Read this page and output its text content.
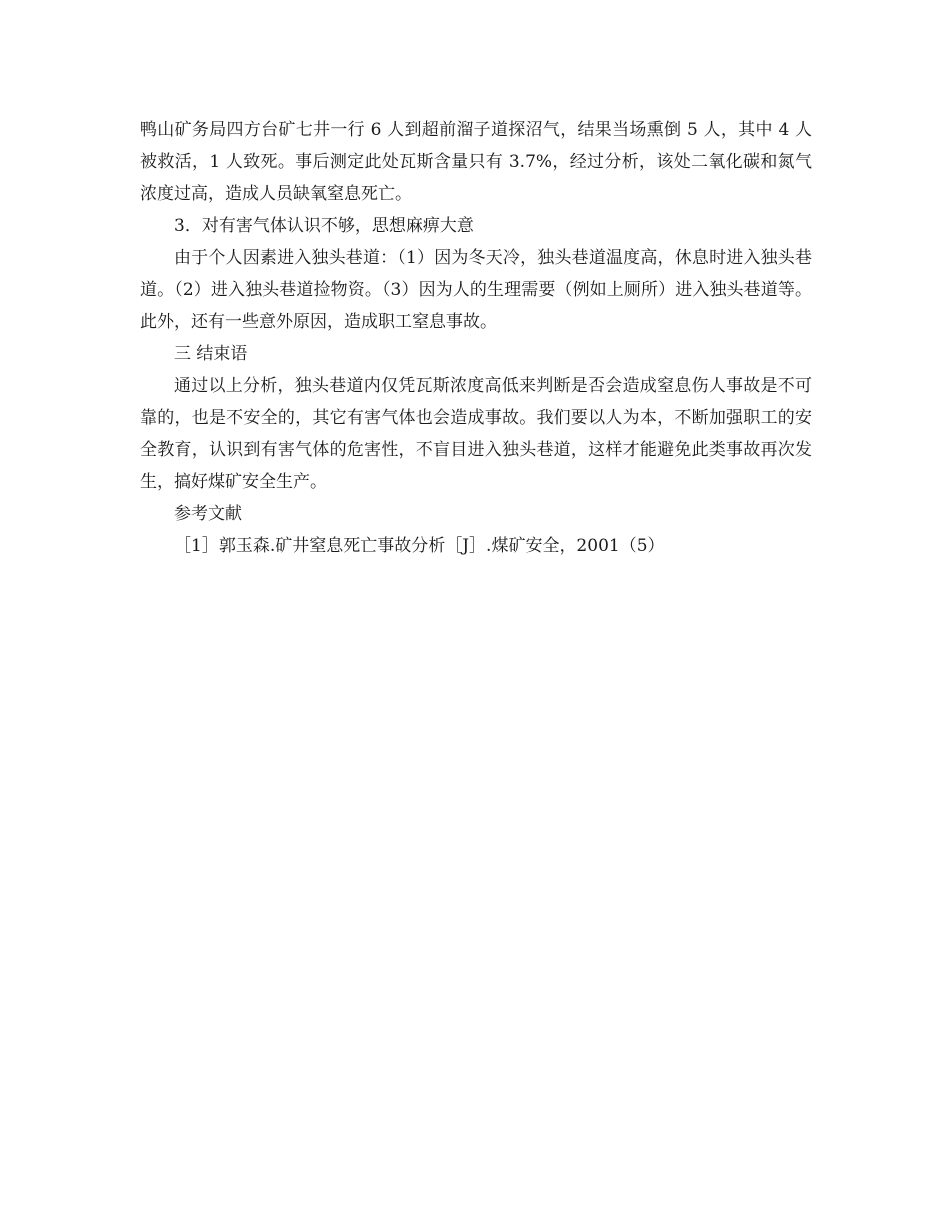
鸭山矿务局四方台矿七井一行 6 人到超前溜子道探沼气，结果当场熏倒 5 人，其中 4 人被救活，1 人致死。事后测定此处瓦斯含量只有 3.7%，经过分析，该处二氧化碳和氮气浓度过高，造成人员缺氧窒息死亡。

3．对有害气体认识不够，思想麻痹大意

由于个人因素进入独头巷道：（1）因为冬天冷，独头巷道温度高，休息时进入独头巷道。（2）进入独头巷道捡物资。（3）因为人的生理需要（例如上厕所）进入独头巷道等。此外，还有一些意外原因，造成职工窒息事故。

三 结束语

通过以上分析，独头巷道内仅凭瓦斯浓度高低来判断是否会造成窒息伤人事故是不可靠的，也是不安全的，其它有害气体也会造成事故。我们要以人为本，不断加强职工的安全教育，认识到有害气体的危害性，不盲目进入独头巷道，这样才能避免此类事故再次发生，搞好煤矿安全生产。

参考文献

［1］郭玉森.矿井窒息死亡事故分析［J］.煤矿安全，2001（5）
